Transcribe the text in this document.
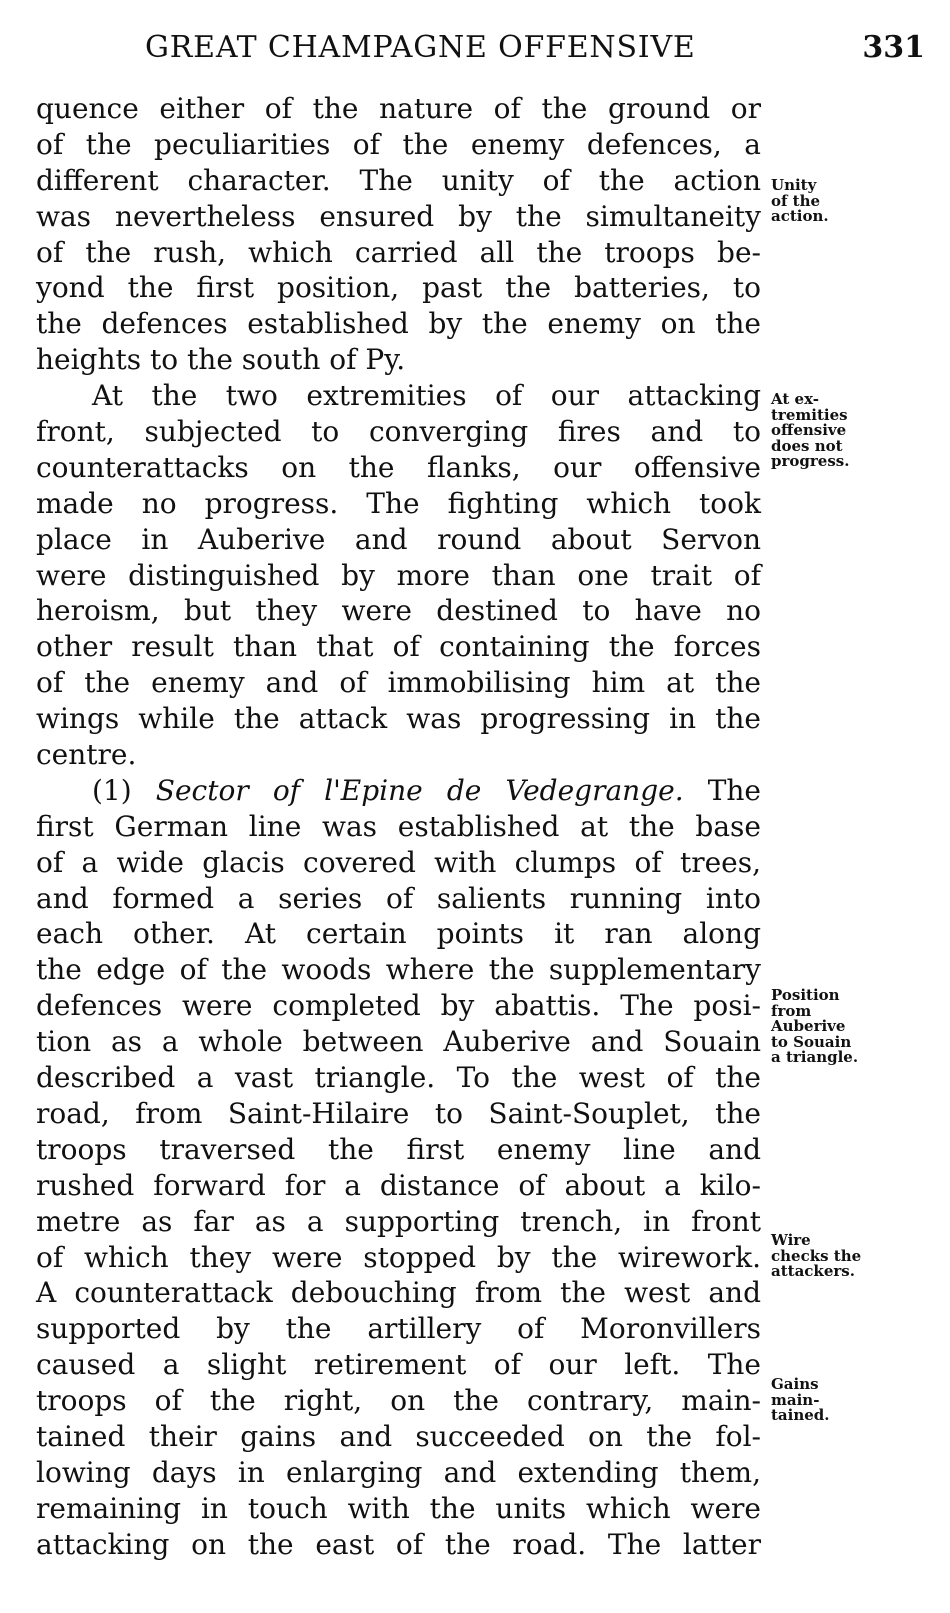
GREAT CHAMPAGNE OFFENSIVE	331
quence either of the nature of the ground or
of the peculiarities of the enemy defences, a
different character. The unity of the action
was nevertheless ensured by the simultaneity
of the rush, which carried all the troops be-
yond the first position, past the batteries, to
the defences established by the enemy on the
heights to the south of Py.
At the two extremities of our attacking
front, subjected to converging fires and to
counterattacks on the flanks, our offensive
made no progress. The fighting which took
place in Auberive and round about Servon
were distinguished by more than one trait of
heroism, but they were destined to have no
other result than that of containing the forces
of the enemy and of immobilising him at the
wings while the attack was progressing in the
centre.
(1) Sector of l'Epine de Vedegrange. The
first German line was established at the base
of a wide glacis covered with clumps of trees,
and formed a series of salients running into
each other. At certain points it ran along
the edge of the woods where the supplementary
defences were completed by abattis. The posi-
tion as a whole between Auberive and Souain
described a vast triangle. To the west of the
road, from Saint-Hilaire to Saint-Souplet, the
troops traversed the first enemy line and
rushed forward for a distance of about a kilo-
metre as far as a supporting trench, in front
of which they were stopped by the wirework.
A counterattack debouching from the west and
supported by the artillery of Moronvillers
caused a slight retirement of our left. The
troops of the right, on the contrary, main-
tained their gains and succeeded on the fol-
lowing days in enlarging and extending them,
remaining in touch with the units which were
attacking on the east of the road. The latter
Unity
of the
action.
At ex-
tremities
offensive
does not
progress.
Position
from
Auberive
to Souain
a triangle.
Wire
checks the
attackers.
Gains
main-
tained.
